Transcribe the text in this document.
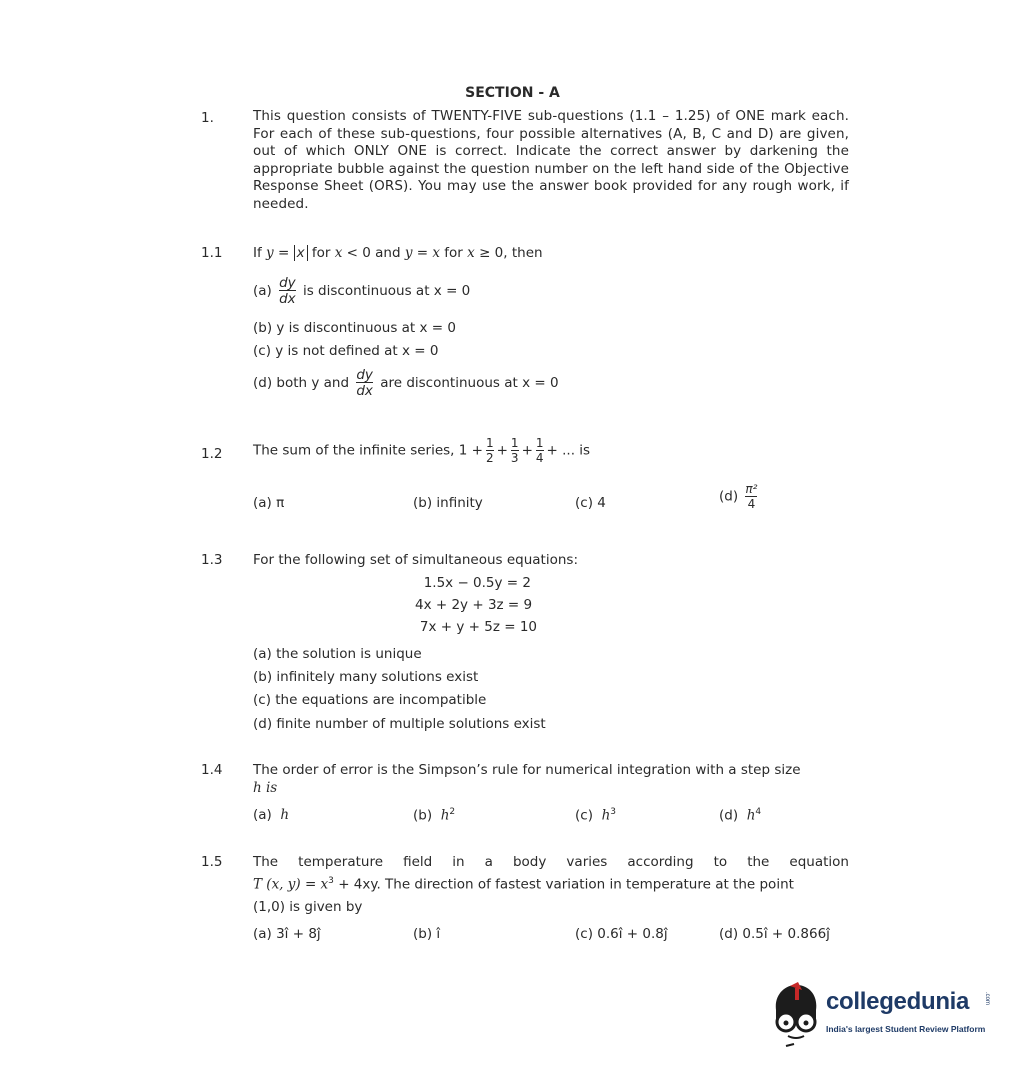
SECTION - A
1.	This question consists of TWENTY-FIVE sub-questions (1.1 – 1.25) of ONE mark each. For each of these sub-questions, four possible alternatives (A, B, C and D) are given, out of which ONLY ONE is correct. Indicate the correct answer by darkening the appropriate bubble against the question number on the left hand side of the Objective Response Sheet (ORS). You may use the answer book provided for any rough work, if needed.
1.1 If y = x for x < 0 and y = x for x ≥ 0, then
$(a) \frac{dy}{dx}$ is discontinuous at x = 0
(b) y is discontinuous at x = 0
(c) y is not defined at x = 0
(d) both y and $\frac{dy}{dx}$ are discontinuous at x = 0
1.2 The sum of the infinite series, $1 + \frac{1}{2} + \frac{1}{3} + \frac{1}{4}$ + ... is
(a) π	(b) infinity	(c) 4	$(d) \frac{\text{π²}}{4}$
1.3 For the following set of simultaneous equations:
1.5x − 0.5y = 2
4x + 2y + 3z = 9
7x + y + 5z = 10
(a) the solution is unique
(b) infinitely many solutions exist
(c) the equations are incompatible
(d) finite number of multiple solutions exist
1.4 The order of error is the Simpson’s rule for numerical integration with a step size
h is
(a) h	(b) $h^2$	(c) $h^3$	(d) $h^4$
1.5 The temperature field in a body varies according to the equation
T (x, $y) = x^3 + 4xy$. The direction of fastest variation in temperature at the point
(1,0) is given by
(a) 3î + 8ĵ	(b) î	(c) 0.6î + 0.8ĵ	(d) 0.5î + 0.866ĵ
collegedunia .com
India's largest Student Review Platform
